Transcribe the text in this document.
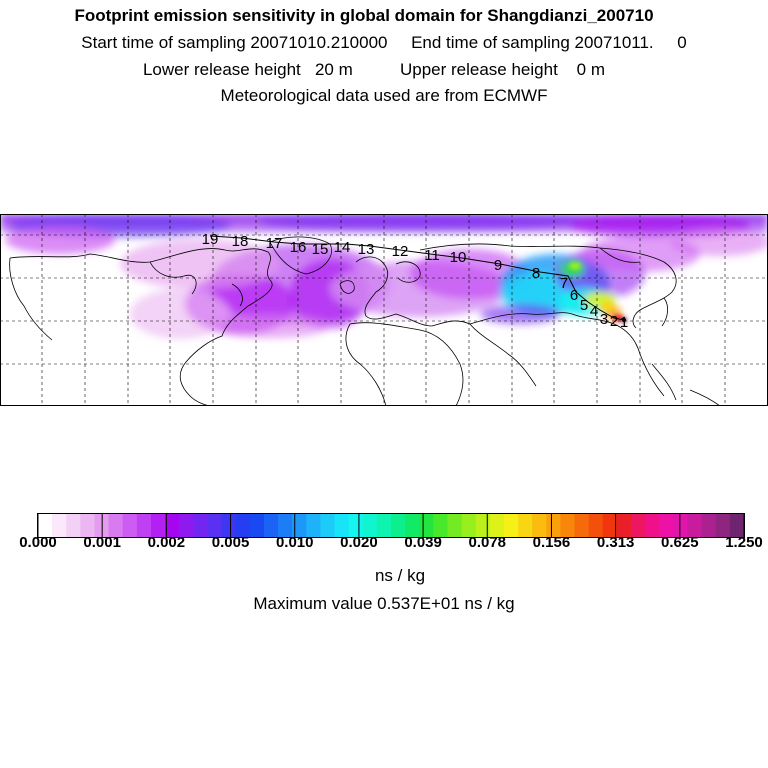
Footprint emission sensitivity in global domain for Shangdianzi_200710
Start time of sampling 20071010.210000     End time of sampling 20071011.     0
Lower release height   20 m          Upper release height    0 m
Meteorological data used are from ECMWF
1
2
3
4
5
6
7
8
9
10
11
12
13
14
15
16
17
18
19
0.000 0.001 0.002 0.005 0.010 0.020 0.039 0.078 0.156 0.313 0.625 1.250
ns / kg
Maximum value 0.537E+01 ns / kg
